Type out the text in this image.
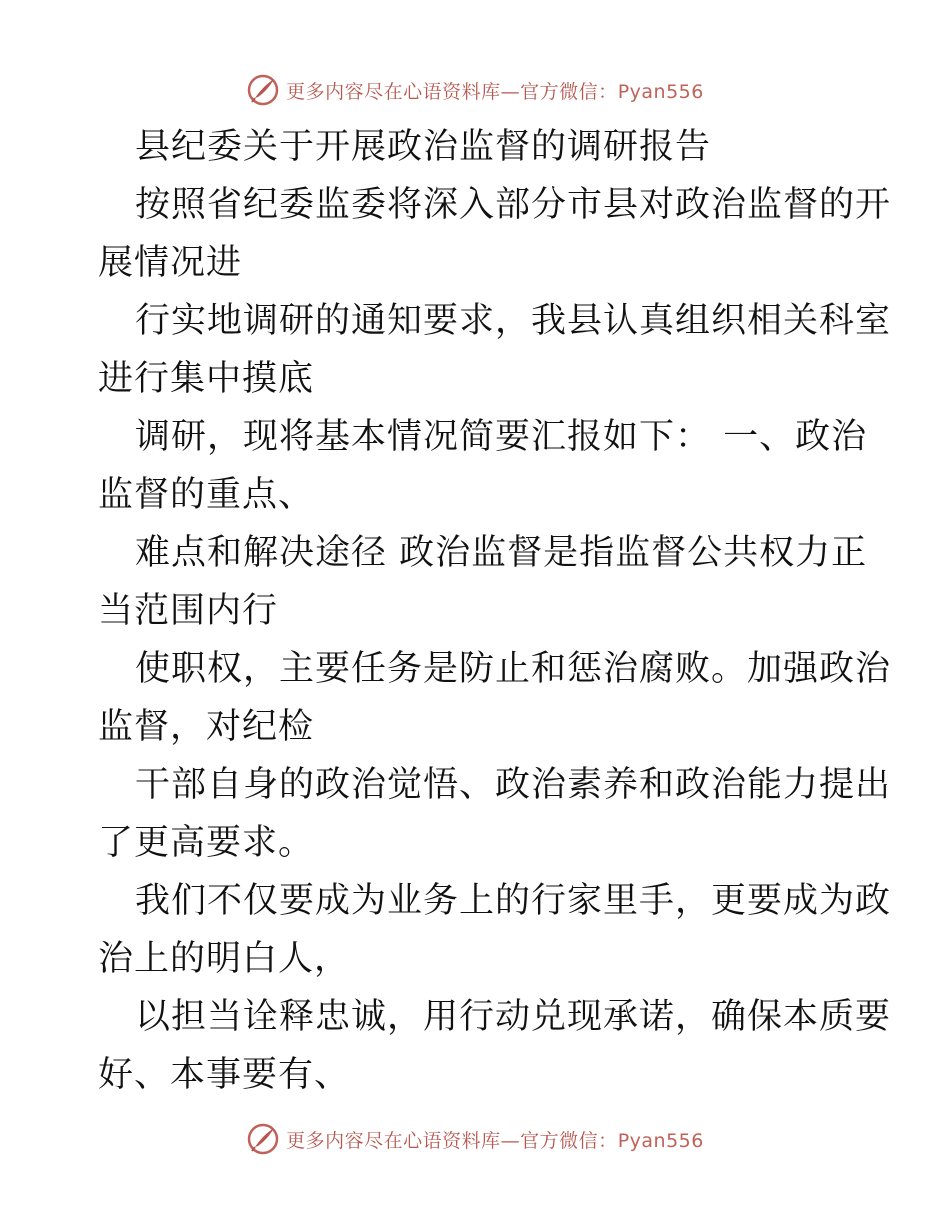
更多内容尽在心语资料库—官方微信：Pyan556
县纪委关于开展政治监督的调研报告
按照省纪委监委将深入部分市县对政治监督的开
展情况进
行实地调研的通知要求，我县认真组织相关科室
进行集中摸底
调研，现将基本情况简要汇报如下： 一、政治
监督的重点、
难点和解决途径 政治监督是指监督公共权力正
当范围内行
使职权，主要任务是防止和惩治腐败。加强政治
监督，对纪检
干部自身的政治觉悟、政治素养和政治能力提出
了更高要求。
我们不仅要成为业务上的行家里手，更要成为政
治上的明白人，
以担当诠释忠诚，用行动兑现承诺，确保本质要
好、本事要有、
更多内容尽在心语资料库—官方微信：Pyan556
